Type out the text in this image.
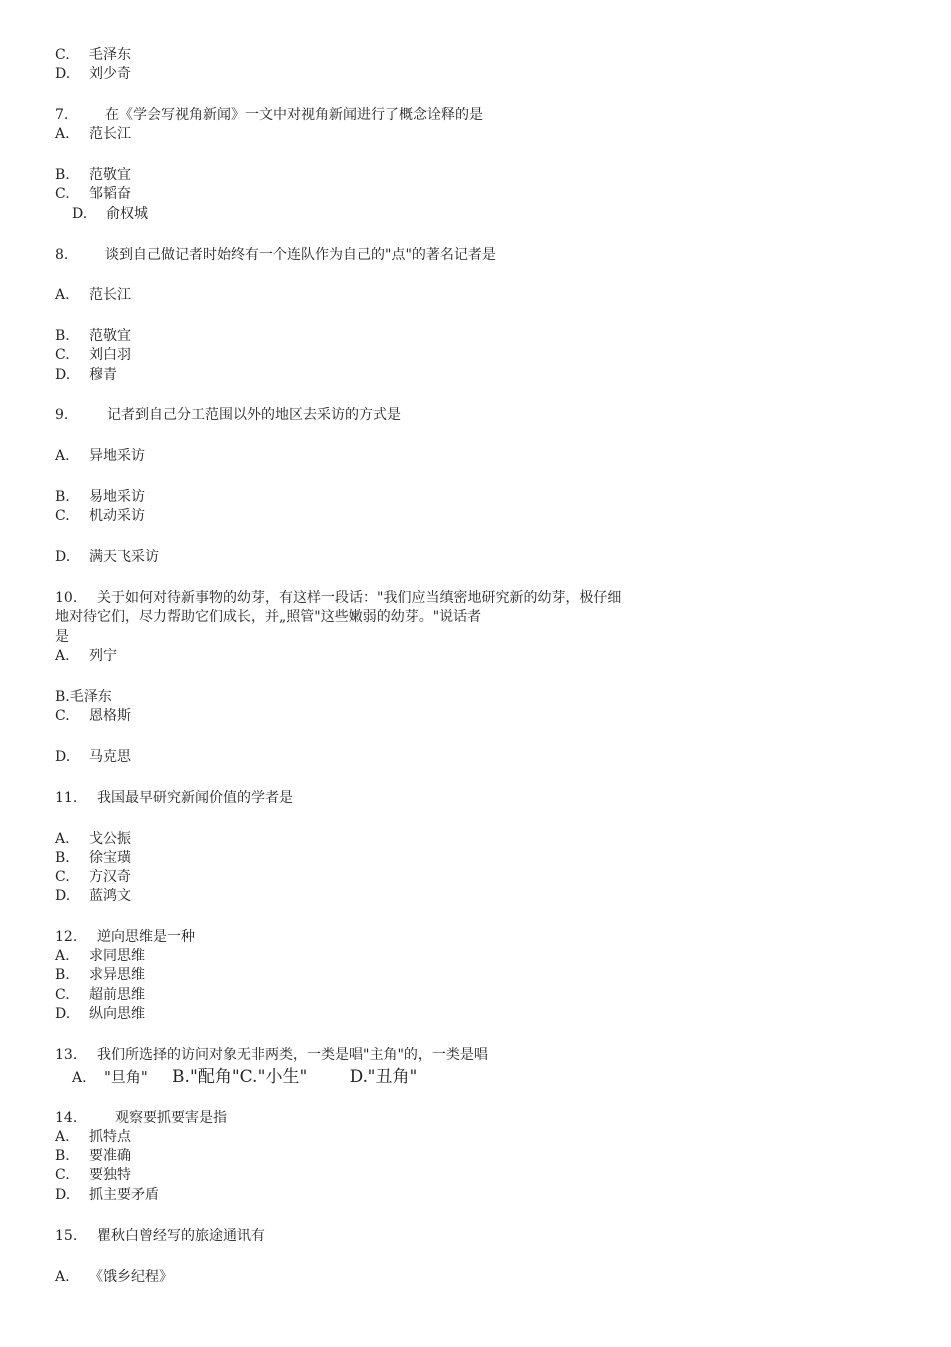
C. 毛泽东
D. 刘少奇
7.	在《学会写视角新闻》一文中对视角新闻进行了概念诠释的是
A. 范长江
B. 范敬宜
C. 邹韬奋
D. 俞权城
8.	谈到自己做记者时始终有一个连队作为自己的"点"的著名记者是
A. 范长江
B. 范敬宜
C. 刘白羽
D. 穆青
9.	记者到自己分工范围以外的地区去采访的方式是
A. 异地采访
B. 易地采访
C. 机动采访
D. 满天飞采访
10. 关于如何对待新事物的幼芽，有这样一段话："我们应当缜密地研究新的幼芽，极仔细
地对待它们，尽力帮助它们成长，并„照管"这些嫩弱的幼芽。"说话者
是
A. 列宁
B.毛泽东
C. 恩格斯
D. 马克思
11. 我国最早研究新闻价值的学者是
A. 戈公振
B. 徐宝璜
C. 方汉奇
D. 蓝鸿文
12. 逆向思维是一种
A. 求同思维
B. 求异思维
C. 超前思维
D. 纵向思维
13. 我们所选择的访问对象无非两类，一类是唱"主角"的，一类是唱
A. "旦角" B."配角"C."小生" D."丑角"
14.	观察要抓要害是指
A. 抓特点
B. 要准确
C. 要独特
D. 抓主要矛盾
15. 瞿秋白曾经写的旅途通讯有
A. 《饿乡纪程》
